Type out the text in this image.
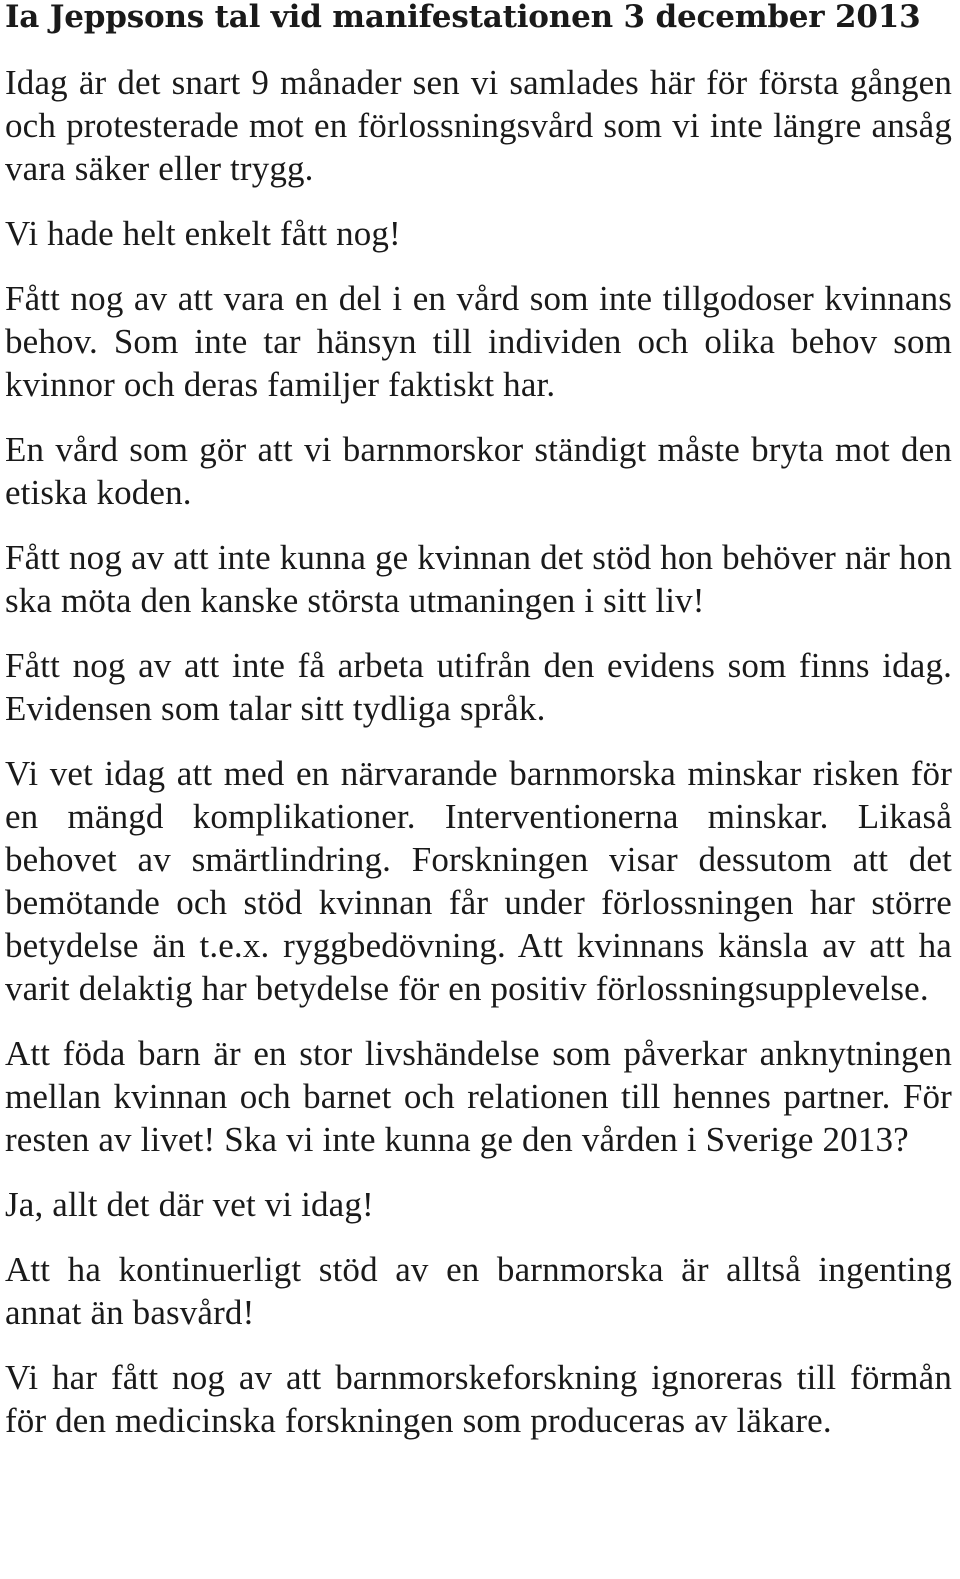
Ia Jeppsons tal vid manifestationen 3 december 2013

Idag är det snart 9 månader sen vi samlades här för första gången och protesterade mot en förlossningsvård som vi inte längre ansåg vara säker eller trygg.

Vi hade helt enkelt fått nog!

Fått nog av att vara en del i en vård som inte tillgodoser kvinnans behov. Som inte tar hänsyn till individen och olika behov som kvinnor och deras familjer faktiskt har.

En vård som gör att vi barnmorskor ständigt måste bryta mot den etiska koden.

Fått nog av att inte kunna ge kvinnan det stöd hon behöver när hon ska möta den kanske största utmaningen i sitt liv!

Fått nog av att inte få arbeta utifrån den evidens som finns idag. Evidensen som talar sitt tydliga språk.

Vi vet idag att med en närvarande barnmorska minskar risken för en mängd komplikationer. Interventionerna minskar. Likaså behovet av smärtlindring. Forskningen visar dessutom att det bemötande och stöd kvinnan får under förlossningen har större betydelse än t.e.x. ryggbedövning. Att kvinnans känsla av att ha varit delaktig har betydelse för en positiv förlossningsupplevelse.

Att föda barn är en stor livshändelse som påverkar anknytningen mellan kvinnan och barnet och relationen till hennes partner. För resten av livet! Ska vi inte kunna ge den vården i Sverige 2013?

Ja, allt det där vet vi idag!

Att ha kontinuerligt stöd av en barnmorska är alltså ingenting annat än basvård!

Vi har fått nog av att barnmorskeforskning ignoreras till förmån för den medicinska forskningen som produceras av läkare.
